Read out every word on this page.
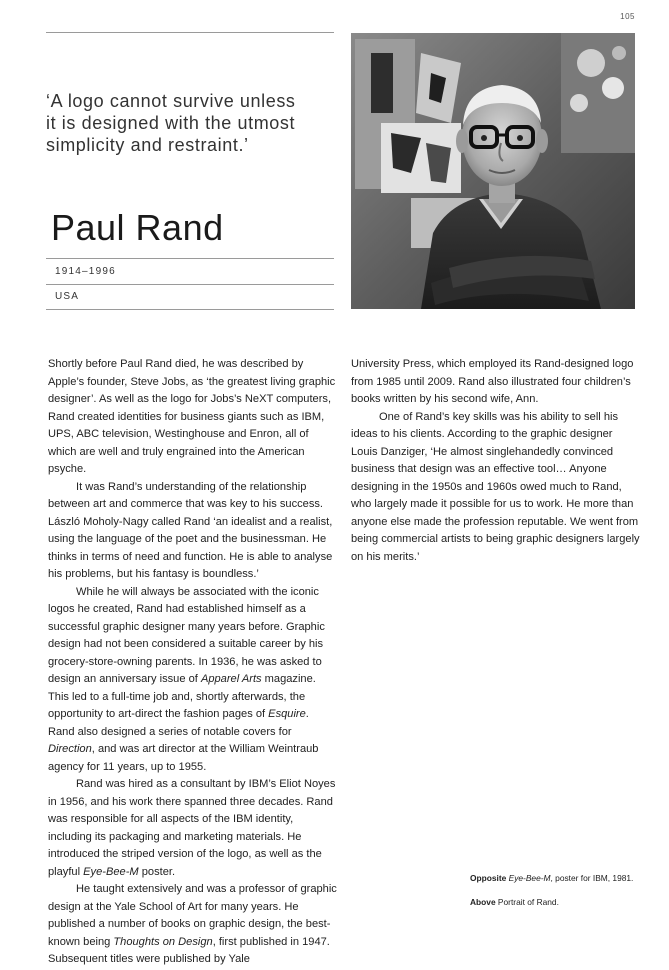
105
‘A logo cannot survive unless
it is designed with the utmost
simplicity and restraint.’
Paul Rand
1914–1996
USA

Shortly before Paul Rand died, he was described by Apple’s founder, Steve Jobs, as ‘the greatest living graphic designer’. As well as the logo for Jobs’s NeXT computers, Rand created identities for business giants such as IBM, UPS, ABC television, Westinghouse and Enron, all of which are well and truly engrained into the American psyche.

It was Rand’s understanding of the relationship between art and commerce that was key to his success. László Moholy-Nagy called Rand ‘an idealist and a realist, using the language of the poet and the businessman. He thinks in terms of need and function. He is able to analyse his problems, but his fantasy is boundless.’

While he will always be associated with the iconic logos he created, Rand had established himself as a successful graphic designer many years before. Graphic design had not been considered a suitable career by his grocery-store-owning parents. In 1936, he was asked to design an anniversary issue of Apparel Arts magazine. This led to a full-time job and, shortly afterwards, the opportunity to art-direct the fashion pages of Esquire. Rand also designed a series of notable covers for Direction, and was art director at the William Weintraub agency for 11 years, up to 1955.

Rand was hired as a consultant by IBM’s Eliot Noyes in 1956, and his work there spanned three decades. Rand was responsible for all aspects of the IBM identity, including its packaging and marketing materials. He introduced the striped version of the logo, as well as the playful Eye-Bee-M poster.

He taught extensively and was a professor of graphic design at the Yale School of Art for many years. He published a number of books on graphic design, the best-known being Thoughts on Design, first published in 1947. Subsequent titles were published by Yale

University Press, which employed its Rand-designed logo from 1985 until 2009. Rand also illustrated four children’s books written by his second wife, Ann.

One of Rand’s key skills was his ability to sell his ideas to his clients. According to the graphic designer Louis Danziger, ‘He almost singlehandedly convinced business that design was an effective tool… Anyone designing in the 1950s and 1960s owed much to Rand, who largely made it possible for us to work. He more than anyone else made the profession reputable. We went from being commercial artists to being graphic designers largely on his merits.’

Opposite Eye-Bee-M, poster for IBM, 1981.

Above Portrait of Rand.
